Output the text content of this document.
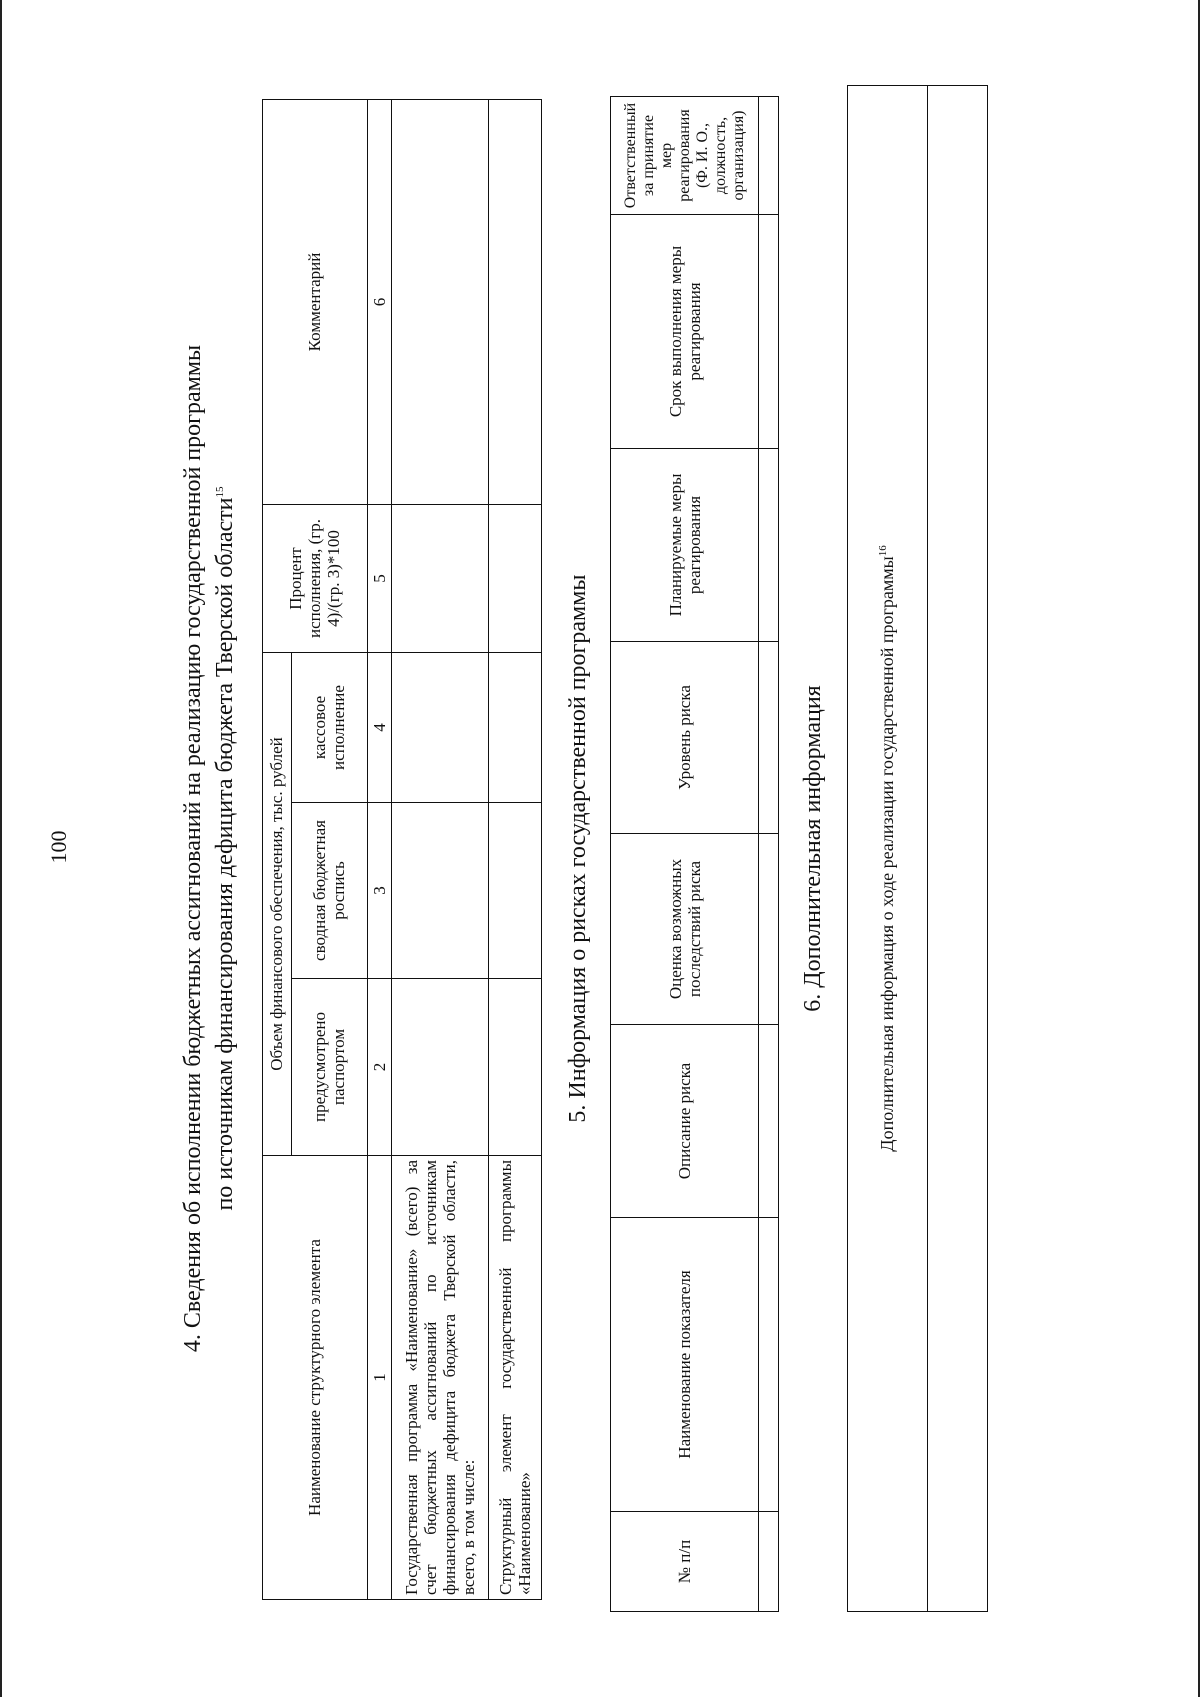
100	4. Сведения об исполнении бюджетных ассигнований на реализацию государственной программы по источникам финансирования дефицита бюджета Тверской области$^{15}$
Наименование структурного элемента	Объем финансового обеспечения, тыс. рублей			Процент исполнения, (гр. 4)/(гр. 3)*100	Комментарий
	предусмотрено паспортом	сводная бюджетная роспись	кассовое исполнение		
1	2	3	4	5	6
Государственная программа «Наименование» (всего) за счет бюджетных ассигнований по источникам финансирования дефицита бюджета Тверской области, всего, в том числе:					
Структурный элемент государственной программы «Наименование»					
5. Информация о рисках государственной программы
№ п/п	Наименование показателя	Описание риска	Оценка возможных последствий риска	Уровень риска	Планируемые меры реагирования	Срок выполнения меры реагирования	Ответственный за принятие мер реагирования (Ф. И. О., должность, организация)

6. Дополнительная информация	Дополнительная информация о ходе реализации государственной программы$^{16}$
